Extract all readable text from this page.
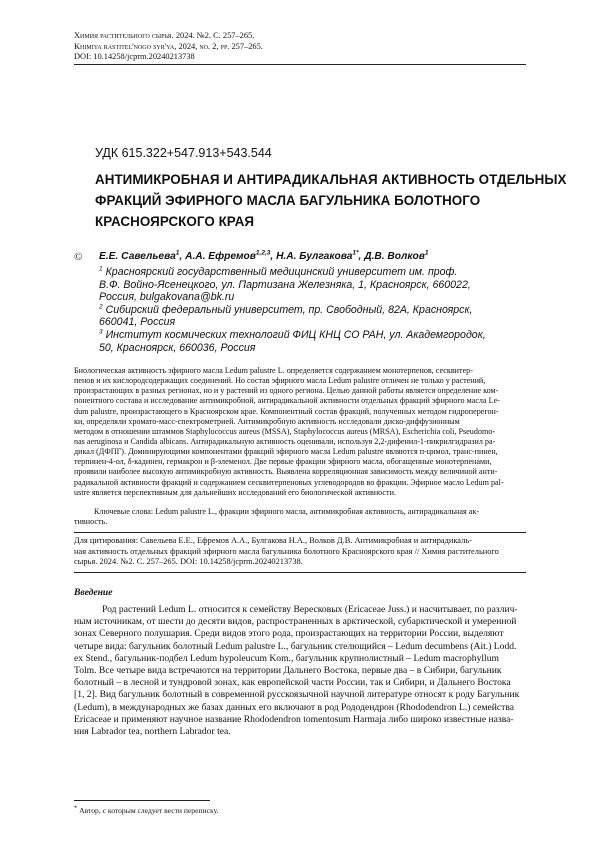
Химия растительного сырья. 2024. №2. С. 257–265.
Khimiya rastitel'nogo syr'ya, 2024, no. 2, pp. 257–265.
DOI: 10.14258/jcprm.20240213738
УДК 615.322+547.913+543.544
АНТИМИКРОБНАЯ И АНТИРАДИКАЛЬНАЯ АКТИВНОСТЬ ОТДЕЛЬНЫХ
ФРАКЦИЙ ЭФИРНОГО МАСЛА БАГУЛЬНИКА БОЛОТНОГО
КРАСНОЯРСКОГО КРАЯ
© Е.Е. Савельева$^1$, А.А. Ефремов$^{1,2,3}$, Н.А. Булгакова$^{1*}$, Д.В. Волков$^1$
$^1$ Красноярский государственный медицинский университет им. проф.
В.Ф. Войно-Ясенецкого, ул. Партизана Железняка, 1, Красноярск, 660022,
Россия, bulgakovana@bk.ru
$^2$ Сибирский федеральный университет, пр. Свободный, 82А, Красноярск,
660041, Россия
$^3$ Институт космических технологий ФИЦ КНЦ СО РАН, ул. Академгородок,
50, Красноярск, 660036, Россия
Биологическая активность эфирного масла Ledum palustre L. определяется содержанием монотерпенов, сесквитер-
пенов и их кислородсодержащих соединений. Но состав эфирного масла Ledum palustre отличен не только у растений,
произрастающих в разных регионах, но и у растений из одного региона. Целью данной работы является определение ком-
понентного состава и исследование антимикробной, антирадикальной активности отдельных фракций эфирного масла Le-
dum palustre, произрастающего в Красноярском крае. Компонентный состав фракций, полученных методом гидроперегон-
ки, определяли хромато-масс-спектрометрией. Антимикробную активность исследовали диско-диффузионным
методом в отношении штаммов Staphylococcus aureus (MSSA), Staphylococcus aureus (MRSA), Escherichia coli, Pseudomo-
nas aeruginosa и Candida albicans. Антирадикальную активность оценивали, используя 2,2-дифенил-1-пикрилгидразил ра-
дикал (ДФПГ). Доминирующими компонентами фракций эфирного масла Ledum palustre являются п-цимол, транс-пинен,
терпинен-4-ол, δ-кадинен, гермакрон и β-элеменол. Две первые фракции эфирного масла, обогащенные монотерпенами,
проявили наиболее высокую антимикробную активность. Выявлена корреляционная зависимость между величиной анти-
радикальной активности фракций и содержанием сесквитерпеновых углеводородов во фракции. Эфирное масло Ledum pal-
ustre является перспективным для дальнейших исследований его биологической активности.
Ключевые слова: Ledum palustre L., фракции эфирного масла, антимикробная активность, антирадикальная ак-
тивность.
Для цитирования: Савельева Е.Е., Ефремов А.А., Булгакова Н.А., Волков Д.В. Антимикробная и антирадикаль-
ная активность отдельных фракций эфирного масла багульника болотного Красноярского края // Химия растительного
сырья. 2024. №2. С. 257–265. DOI: 10.14258/jcprm.20240213738.
Введение
Род растений Ledum L. относится к семейству Вересковых (Ericaceae Juss.) и насчитывает, по различ-
ным источникам, от шести до десяти видов, распространенных в арктической, субарктической и умеренной
зонах Северного полушария. Среди видов этого рода, произрастающих на территории России, выделяют
четыре вида: багульник болотный Ledum palustre L., багульник стелющийся – Ledum decumbens (Ait.) Lodd.
ex Stend., багульник-подбел Ledum hypoleucum Kom., багульник крупнолистный – Ledum macrophyllum
Tolm. Все четыре вида встречаются на территории Дальнего Востока, первые два – в Сибири, багульник
болотный – в лесной и тундровой зонах, как европейской части России, так и Сибири, и Дальнего Востока
[1, 2]. Вид багульник болотный в современной русскоязычной научной литературе относят к роду Багульник
(Ledum), в международных же базах данных его включают в род Рододендрон (Rhododendron L.) семейства
Ericaceae и применяют научное название Rhododendron tomentosum Harmaja либо широко известные назва-
ния Labrador tea, northern Labrador tea.
* Автор, с которым следует вести переписку.
